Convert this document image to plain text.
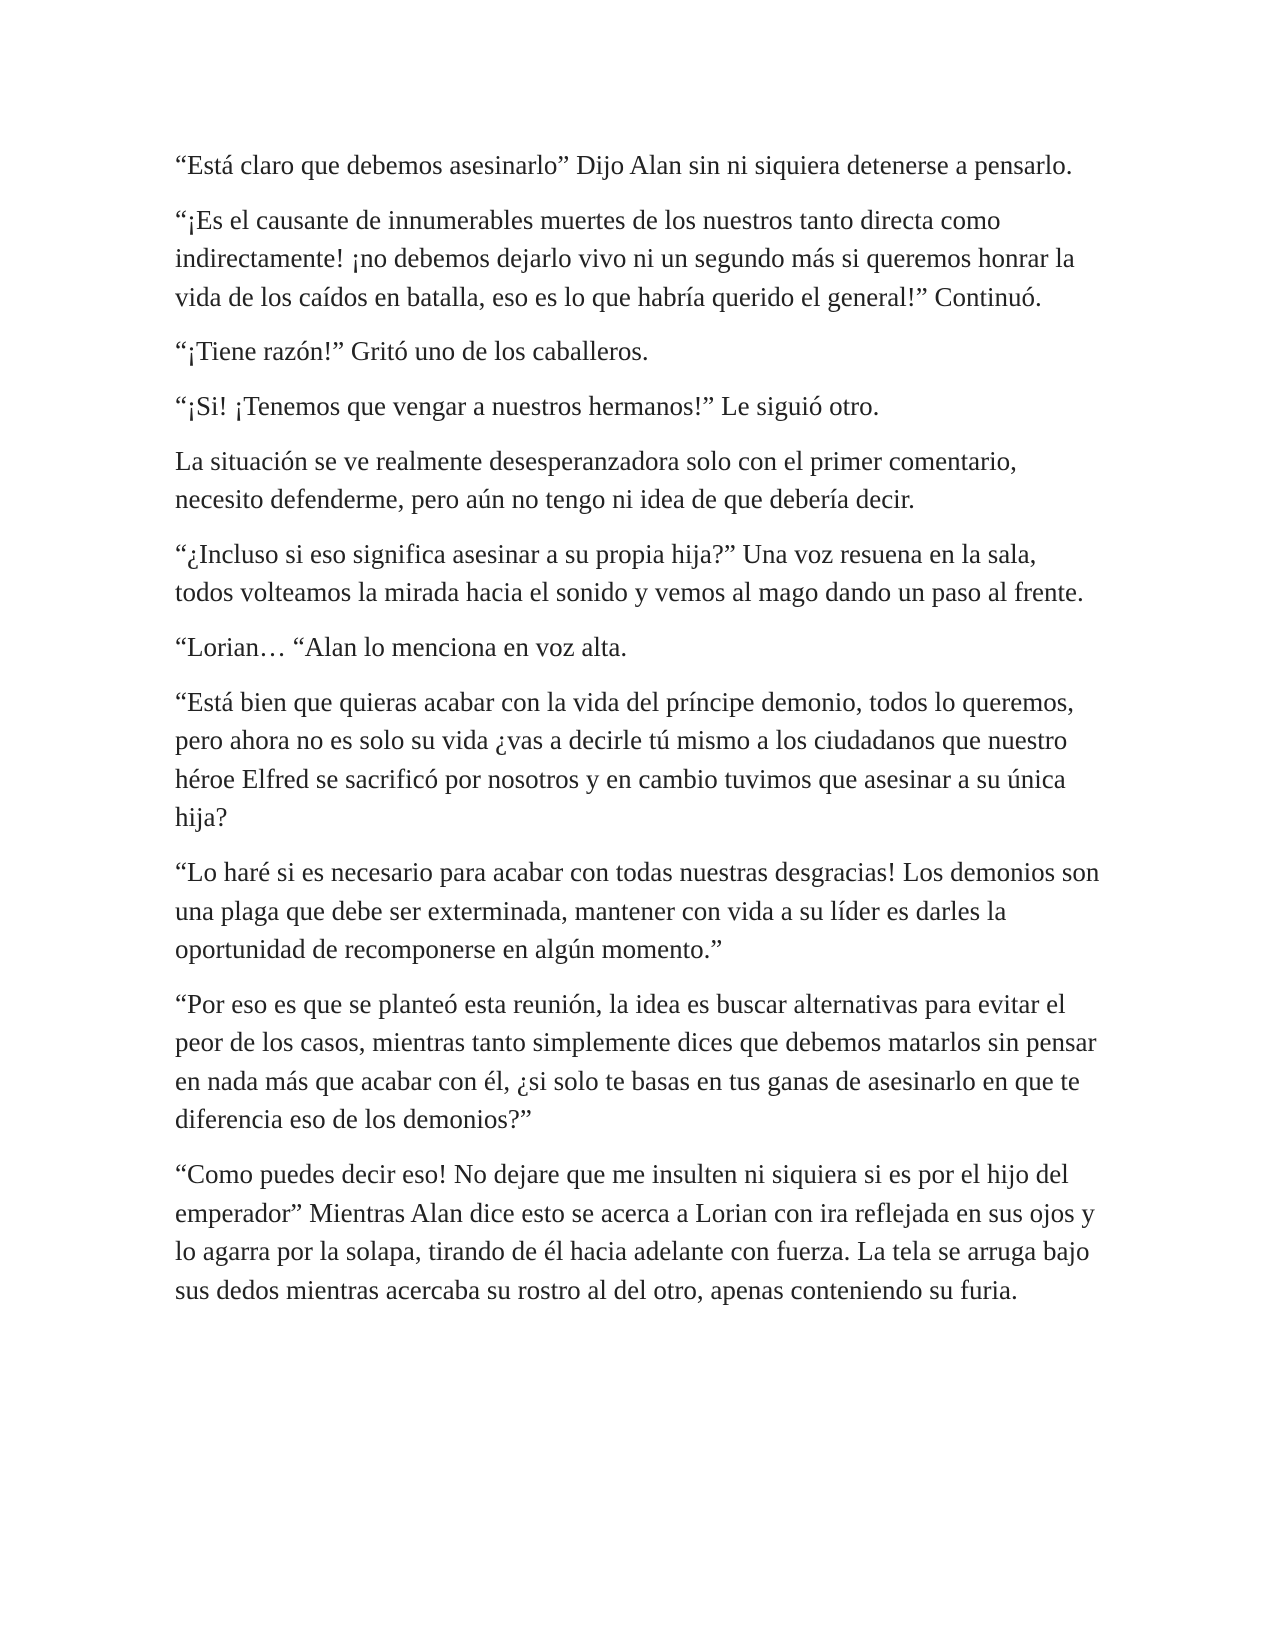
“Está claro que debemos asesinarlo” Dijo Alan sin ni siquiera detenerse a pensarlo.

“¡Es el causante de innumerables muertes de los nuestros tanto directa como indirectamente! ¡no debemos dejarlo vivo ni un segundo más si queremos honrar la vida de los caídos en batalla, eso es lo que habría querido el general!” Continuó.

“¡Tiene razón!” Gritó uno de los caballeros.

“¡Si! ¡Tenemos que vengar a nuestros hermanos!” Le siguió otro.

La situación se ve realmente desesperanzadora solo con el primer comentario, necesito defenderme, pero aún no tengo ni idea de que debería decir.

“¿Incluso si eso significa asesinar a su propia hija?” Una voz resuena en la sala, todos volteamos la mirada hacia el sonido y vemos al mago dando un paso al frente.

“Lorian… “Alan lo menciona en voz alta.

“Está bien que quieras acabar con la vida del príncipe demonio, todos lo queremos, pero ahora no es solo su vida ¿vas a decirle tú mismo a los ciudadanos que nuestro héroe Elfred se sacrificó por nosotros y en cambio tuvimos que asesinar a su única hija?

“Lo haré si es necesario para acabar con todas nuestras desgracias! Los demonios son una plaga que debe ser exterminada, mantener con vida a su líder es darles la oportunidad de recomponerse en algún momento.”

“Por eso es que se planteó esta reunión, la idea es buscar alternativas para evitar el peor de los casos, mientras tanto simplemente dices que debemos matarlos sin pensar en nada más que acabar con él, ¿si solo te basas en tus ganas de asesinarlo en que te diferencia eso de los demonios?”

“Como puedes decir eso! No dejare que me insulten ni siquiera si es por el hijo del emperador” Mientras Alan dice esto se acerca a Lorian con ira reflejada en sus ojos y lo agarra por la solapa, tirando de él hacia adelante con fuerza. La tela se arruga bajo sus dedos mientras acercaba su rostro al del otro, apenas conteniendo su furia.
